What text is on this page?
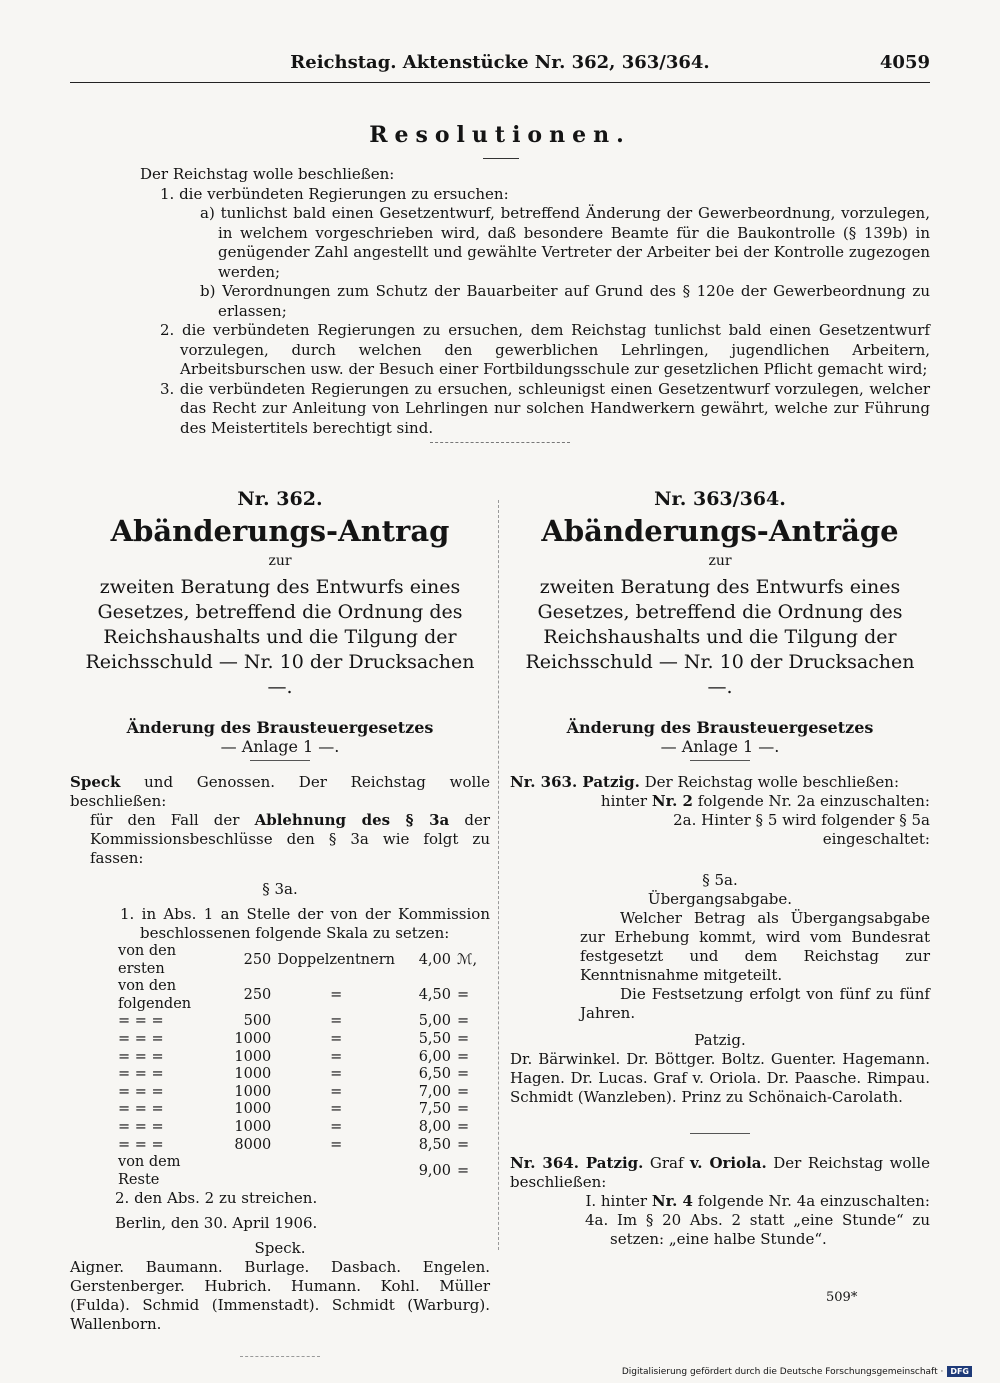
Reichstag. Aktenstücke Nr. 362, 363/364.	4059
Resolutionen.

Der Reichstag wolle beschließen:

1. die verbündeten Regierungen zu ersuchen:

a) tunlichst bald einen Gesetzentwurf, betreffend Änderung der Gewerbeordnung, vorzulegen, in welchem vorgeschrieben wird, daß besondere Beamte für die Baukontrolle (§ 139b) in genügender Zahl angestellt und gewählte Vertreter der Arbeiter bei der Kontrolle zugezogen werden;

b) Verordnungen zum Schutz der Bauarbeiter auf Grund des § 120e der Gewerbeordnung zu erlassen;

2. die verbündeten Regierungen zu ersuchen, dem Reichstag tunlichst bald einen Gesetzentwurf vorzulegen, durch welchen den gewerblichen Lehrlingen, jugendlichen Arbeitern, Arbeitsburschen usw. der Besuch einer Fortbildungsschule zur gesetzlichen Pflicht gemacht wird;

3. die verbündeten Regierungen zu ersuchen, schleunigst einen Gesetzentwurf vorzulegen, welcher das Recht zur Anleitung von Lehrlingen nur solchen Handwerkern gewährt, welche zur Führung des Meistertitels berechtigt sind.

Nr. 362.
Abänderungs-Antrag
zur
zweiten Beratung des Entwurfs eines Gesetzes, betreffend die Ordnung des Reichshaushalts und die Tilgung der Reichsschuld — Nr. 10 der Drucksachen —.
Änderung des Brausteuergesetzes
— Anlage 1 —.
Speck und Genossen. Der Reichstag wolle beschließen:
für den Fall der Ablehnung des § 3a der Kommissionsbeschlüsse den § 3a wie folgt zu fassen:
§ 3a.
1. in Abs. 1 an Stelle der von der Kommission beschlossenen folgende Skala zu setzen:
von den ersten	250	Doppelzentnern	4,00	ℳ,
von den folgenden	250	=	4,50	=
= = =	500	=	5,00	=
= = =	1000	=	5,50	=
= = =	1000	=	6,00	=
= = =	1000	=	6,50	=
= = =	1000	=	7,00	=
= = =	1000	=	7,50	=
= = =	1000	=	8,00	=
= = =	8000	=	8,50	=
von dem Reste			9,00	=
2. den Abs. 2 zu streichen.
Berlin, den 30. April 1906.
Speck.
Aigner. Baumann. Burlage. Dasbach. Engelen. Gerstenberger. Hubrich. Humann. Kohl. Müller (Fulda). Schmid (Immenstadt). Schmidt (Warburg). Wallenborn.
Nr. 363/364.
Abänderungs-Anträge
zur
zweiten Beratung des Entwurfs eines Gesetzes, betreffend die Ordnung des Reichshaushalts und die Tilgung der Reichsschuld — Nr. 10 der Drucksachen —.
Änderung des Brausteuergesetzes
— Anlage 1 —.
Nr. 363. Patzig. Der Reichstag wolle beschließen:
hinter Nr. 2 folgende Nr. 2a einzuschalten:
2a. Hinter § 5 wird folgender § 5a eingeschaltet:
§ 5a.
Übergangsabgabe.
Welcher Betrag als Übergangsabgabe zur Erhebung kommt, wird vom Bundesrat festgesetzt und dem Reichstag zur Kenntnisnahme mitgeteilt.
Die Festsetzung erfolgt von fünf zu fünf Jahren.
Patzig.
Dr. Bärwinkel. Dr. Böttger. Boltz. Guenter. Hagemann. Hagen. Dr. Lucas. Graf v. Oriola. Dr. Paasche. Rimpau. Schmidt (Wanzleben). Prinz zu Schönaich-Carolath.
Nr. 364. Patzig. Graf v. Oriola. Der Reichstag wolle beschließen:
I. hinter Nr. 4 folgende Nr. 4a einzuschalten:
4a. Im § 20 Abs. 2 statt „eine Stunde“ zu setzen: „eine halbe Stunde“.
509*
Digitalisierung gefördert durch die Deutsche Forschungsgemeinschaft · DFG
